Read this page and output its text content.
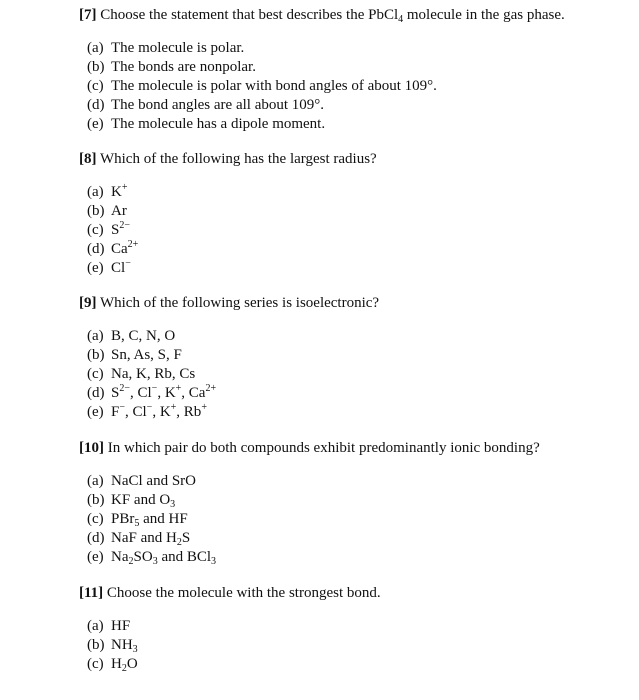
[7] Choose the statement that best describes the PbCl$_4$ molecule in the gas phase.
(a) The molecule is polar.
(b) The bonds are nonpolar.
(c) The molecule is polar with bond angles of about 109°.
(d) The bond angles are all about 109°.
(e) The molecule has a dipole moment.
[8] Which of the following has the largest radius?
(a) K+
(b) Ar
(c) $S^{2-}$
(d) $Ca^{2+}$
(e) Cl−
[9] Which of the following series is isoelectronic?
(a) B, C, N, O
(b) Sn, As, S, F
(c) Na, K, Rb, Cs
(d) $S^{2-}$, Cl−, K+, $Ca^{2+}$
(e) F−, Cl−, K+, Rb+
[10] In which pair do both compounds exhibit predominantly ionic bonding?
(a) NaCl and SrO
(b) KF and $O_3$
(c) PBr$_5$ and HF
(d) NaF and $H_2S$
(e) $Na_2SO_3$ and BCl$_3$
[11] Choose the molecule with the strongest bond.
(a) HF
(b) $NH_3$
(c) $H_2O$
